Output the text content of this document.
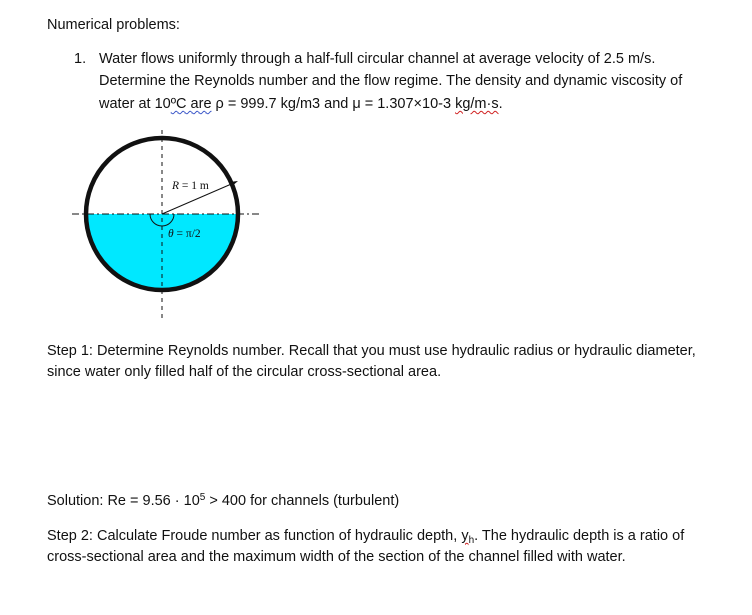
Numerical problems:
1. Water flows uniformly through a half-full circular channel at average velocity of 2.5 m/s.
Determine the Reynolds number and the flow regime. The density and dynamic viscosity of
water at 10ºC are ρ = 999.7 kg/m3 and μ = 1.307×10-3 kg/m·s.
R = 1 m
θ = π/2
Step 1: Determine Reynolds number. Recall that you must use hydraulic radius or hydraulic diameter,
since water only filled half of the circular cross-sectional area.
Solution: $Re = 9.56 \cdot 10^5 > 400$ for channels (turbulent)
Step 2: Calculate Froude number as function of hydraulic depth, $y_h$. The hydraulic depth is a ratio of
cross-sectional area and the maximum width of the section of the channel filled with water.
